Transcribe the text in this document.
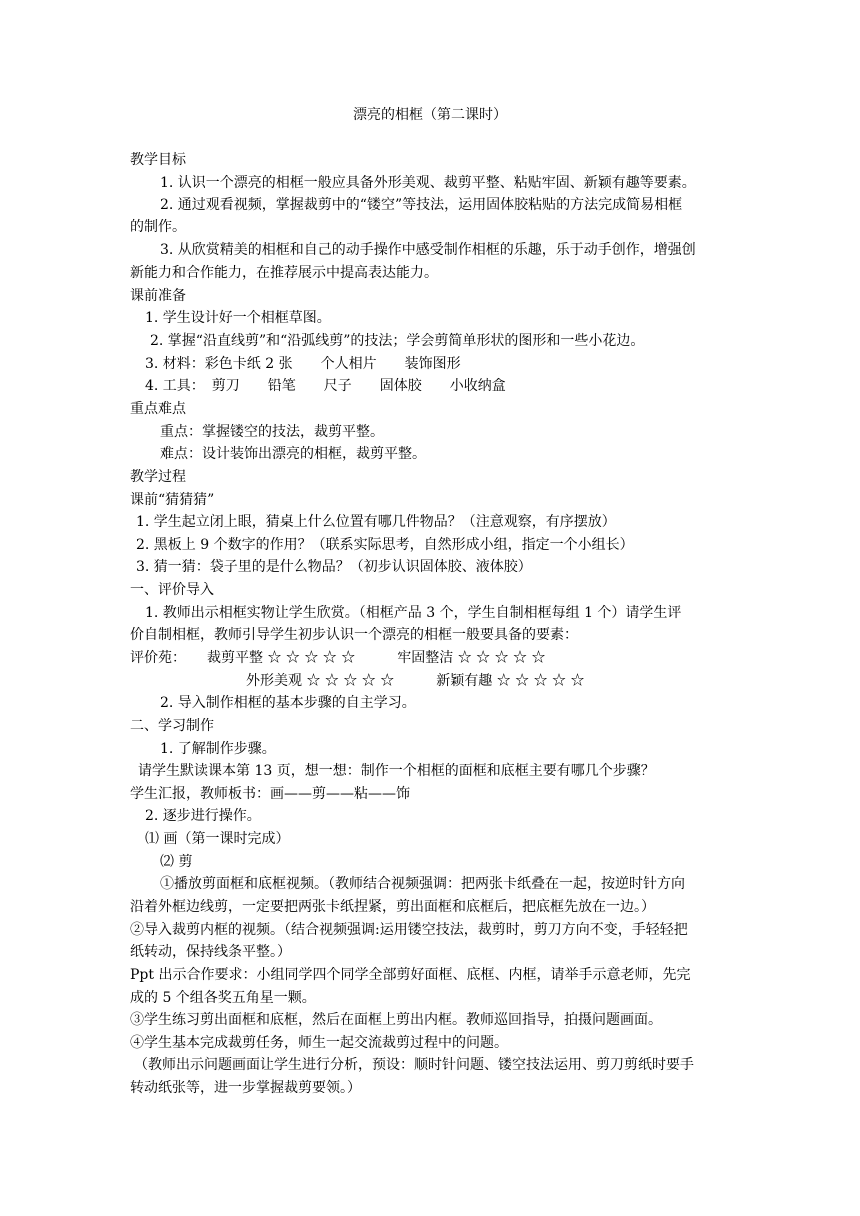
漂亮的相框（第二课时）
教学目标
1. 认识一个漂亮的相框一般应具备外形美观、裁剪平整、粘贴牢固、新颖有趣等要素。
2. 通过观看视频，掌握裁剪中的“镂空”等技法，运用固体胶粘贴的方法完成简易相框
的制作。
3. 从欣赏精美的相框和自己的动手操作中感受制作相框的乐趣，乐于动手创作，增强创
新能力和合作能力，在推荐展示中提高表达能力。
课前准备
1. 学生设计好一个相框草图。
2. 掌握“沿直线剪”和“沿弧线剪”的技法；学会剪简单形状的图形和一些小花边。
3. 材料：彩色卡纸 2 张　　个人相片　　装饰图形
4. 工具：　剪刀　　铅笔　　尺子　　固体胶　　小收纳盒
重点难点
重点：掌握镂空的技法，裁剪平整。
难点：设计装饰出漂亮的相框，裁剪平整。
教学过程
课前“猜猜猜”
1. 学生起立闭上眼，猜桌上什么位置有哪几件物品？（注意观察，有序摆放）
2. 黑板上 9 个数字的作用？（联系实际思考，自然形成小组，指定一个小组长）
3. 猜一猜：袋子里的是什么物品？（初步认识固体胶、液体胶）
一、评价导入
1. 教师出示相框实物让学生欣赏。（相框产品 3 个，学生自制相框每组 1 个）请学生评
价自制相框，教师引导学生初步认识一个漂亮的相框一般要具备的要素：
评价苑：　　裁剪平整 ☆ ☆ ☆ ☆ ☆　　　牢固整洁 ☆ ☆ ☆ ☆ ☆
外形美观 ☆ ☆ ☆ ☆ ☆　　　新颖有趣 ☆ ☆ ☆ ☆ ☆
2. 导入制作相框的基本步骤的自主学习。
二、学习制作
1. 了解制作步骤。
请学生默读课本第 13 页，想一想：制作一个相框的面框和底框主要有哪几个步骤？
学生汇报，教师板书：画——剪——粘——饰
2. 逐步进行操作。
⑴ 画（第一课时完成）
⑵ 剪
①播放剪面框和底框视频。（教师结合视频强调：把两张卡纸叠在一起，按逆时针方向
沿着外框边线剪，一定要把两张卡纸捏紧，剪出面框和底框后，把底框先放在一边。）
②导入裁剪内框的视频。（结合视频强调:运用镂空技法，裁剪时，剪刀方向不变，手轻轻把
纸转动，保持线条平整。）
Ppt 出示合作要求：小组同学四个同学全部剪好面框、底框、内框，请举手示意老师，先完
成的 5 个组各奖五角星一颗。
③学生练习剪出面框和底框，然后在面框上剪出内框。教师巡回指导，拍摄问题画面。
④学生基本完成裁剪任务，师生一起交流裁剪过程中的问题。
（教师出示问题画面让学生进行分析，预设：顺时针问题、镂空技法运用、剪刀剪纸时要手
转动纸张等，进一步掌握裁剪要领。）
